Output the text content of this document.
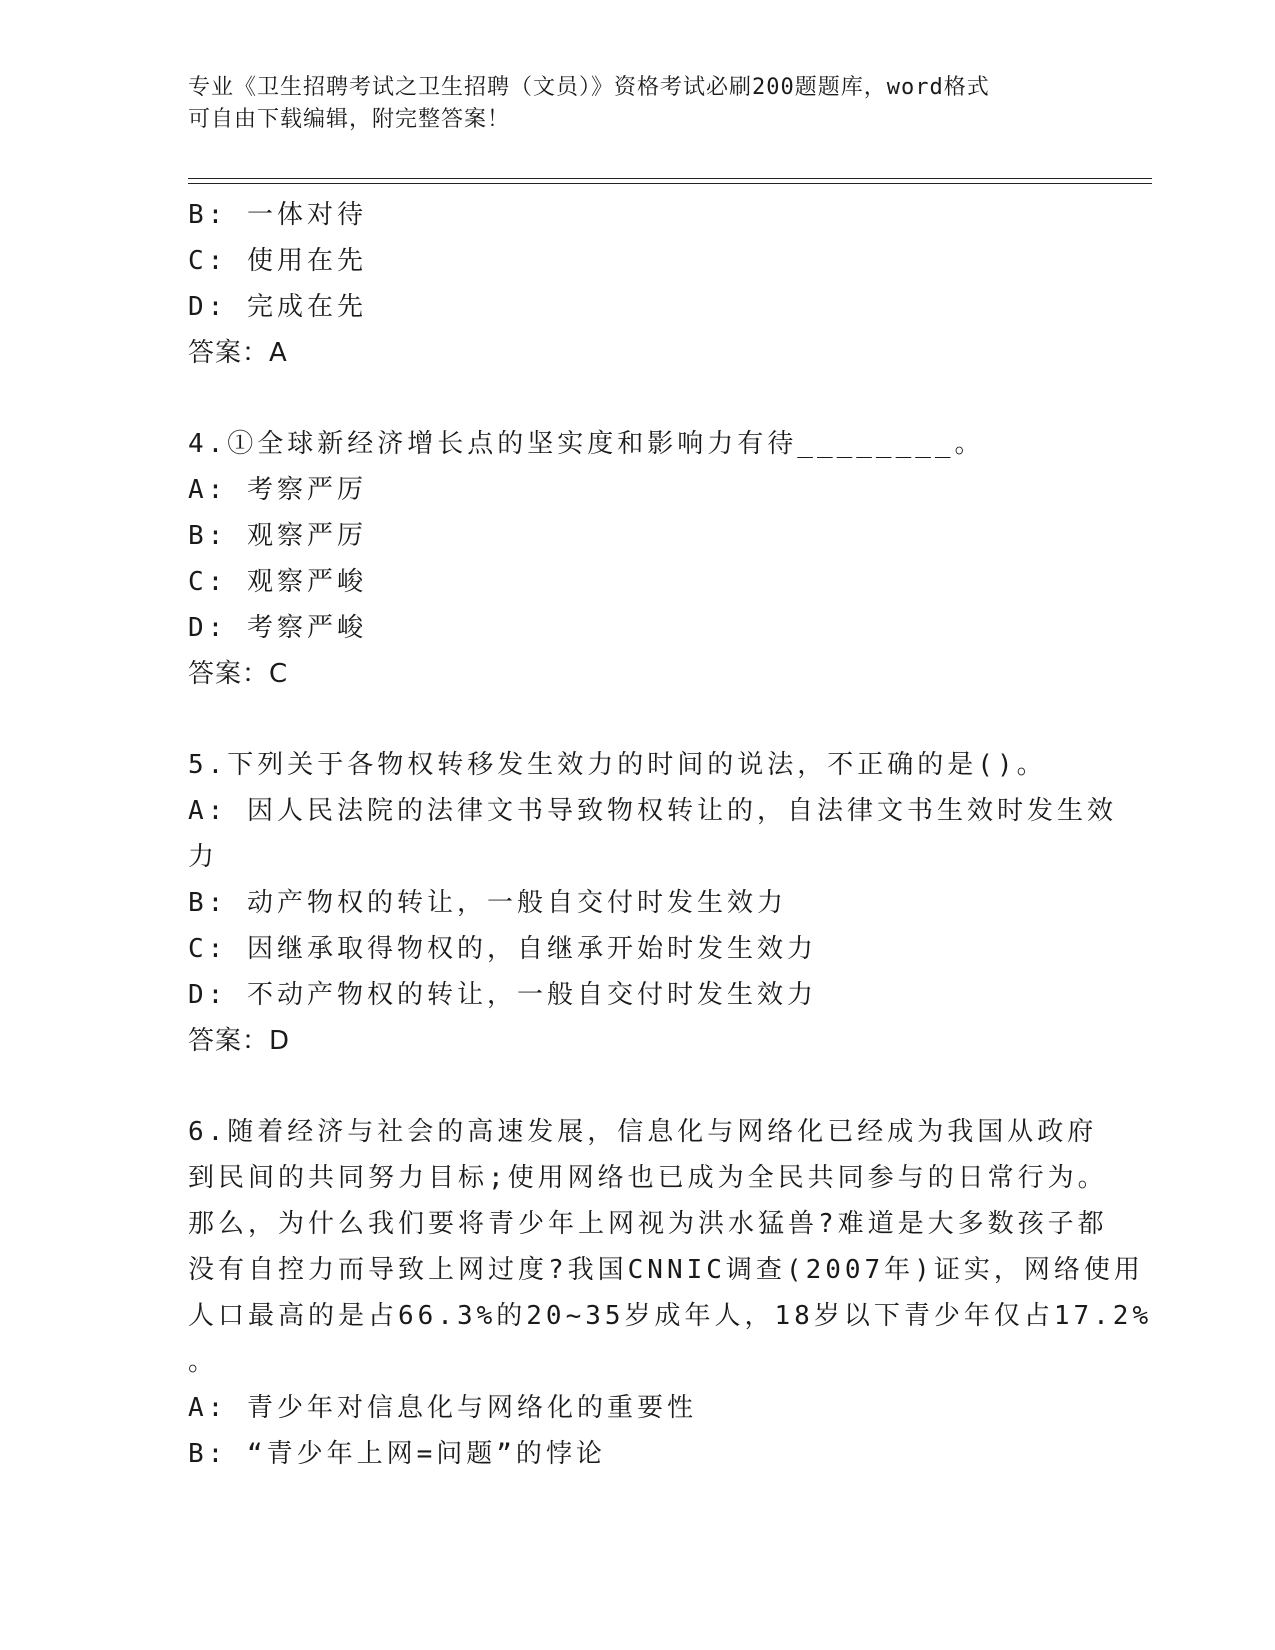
专业《卫生招聘考试之卫生招聘（文员）》资格考试必刷200题题库，word格式
可自由下载编辑，附完整答案！
B: 一体对待
C: 使用在先
D: 完成在先
答案：A
4.①全球新经济增长点的坚实度和影响力有待________。
A: 考察严厉
B: 观察严厉
C: 观察严峻
D: 考察严峻
答案：C
5.下列关于各物权转移发生效力的时间的说法，不正确的是()。
A: 因人民法院的法律文书导致物权转让的，自法律文书生效时发生效
力
B: 动产物权的转让，一般自交付时发生效力
C: 因继承取得物权的，自继承开始时发生效力
D: 不动产物权的转让，一般自交付时发生效力
答案：D
6.随着经济与社会的高速发展，信息化与网络化已经成为我国从政府
到民间的共同努力目标;使用网络也已成为全民共同参与的日常行为。
那么，为什么我们要将青少年上网视为洪水猛兽?难道是大多数孩子都
没有自控力而导致上网过度?我国CNNIC调查(2007年)证实，网络使用
人口最高的是占66.3%的20~35岁成年人，18岁以下青少年仅占17.2%
。
A: 青少年对信息化与网络化的重要性
B: “青少年上网=问题”的悖论
